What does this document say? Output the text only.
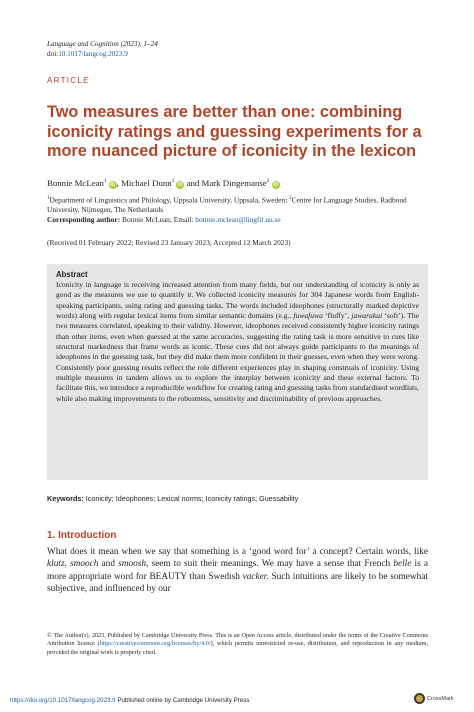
Language and Cognition (2023), 1–24
doi:10.1017/langcog.2023.9
ARTICLE
Two measures are better than one: combining iconicity ratings and guessing experiments for a more nuanced picture of iconicity in the lexicon
Bonnie McLean$^1$iD , Michael Dunn$^1$iD and Mark Dingemanse$^2$iD
$^1$Department of Linguistics and Philology, Uppsala University, Uppsala, Sweden; $^2$Centre for Language Studies, Radboud University, Nijmegen, The Netherlands
Corresponding author: Bonnie McLean; Email: bonnie.mclean@lingfil.uu.se
(Received 01 February 2022; Revised 23 January 2023; Accepted 12 March 2023)
Abstract

Iconicity in language is receiving increased attention from many fields, but our understanding of iconicity is only as good as the measures we use to quantify it. We collected iconicity measures for 304 Japanese words from English-speaking participants, using rating and guessing tasks. The words included ideophones (structurally marked depictive words) along with regular lexical items from similar semantic domains (e.g., fuwafuwa ‘fluffy’, jawarakai ‘soft’). The two measures correlated, speaking to their validity. However, ideophones received consistently higher iconicity ratings than other items, even when guessed at the same accuracies, suggesting the rating task is more sensitive to cues like structural markedness that frame words as iconic. These cues did not always guide participants to the meanings of ideophones in the guessing task, but they did make them more confident in their guesses, even when they were wrong. Consistently poor guessing results reflect the role different experiences play in shaping construals of iconicity. Using multiple measures in tandem allows us to explore the interplay between iconicity and these external factors. To facilitate this, we introduce a reproducible workflow for creating rating and guessing tasks from standardised wordlists, while also making improvements to the robustness, sensitivity and discriminability of previous approaches.

Keywords: Iconicity; Ideophones; Lexical norms; Iconicity ratings; Guessability
1. Introduction

What does it mean when we say that something is a ‘good word for’ a concept? Certain words, like klutz, smooch and smoosh, seem to suit their meanings. We may have a sense that French belle is a more appropriate word for BEAUTY than Swedish vacker. Such intuitions are likely to be somewhat subjective, and influenced by our

© The Author(s), 2023. Published by Cambridge University Press. This is an Open Access article, distributed under the terms of the Creative Commons Attribution licence (https://creativecommons.org/licenses/by/4.0/), which permits unrestricted re-use, distribution, and reproduction in any medium, provided the original work is properly cited.

https://doi.org/10.1017/langcog.2023.9 Published online by Cambridge University Press	CrossMark
